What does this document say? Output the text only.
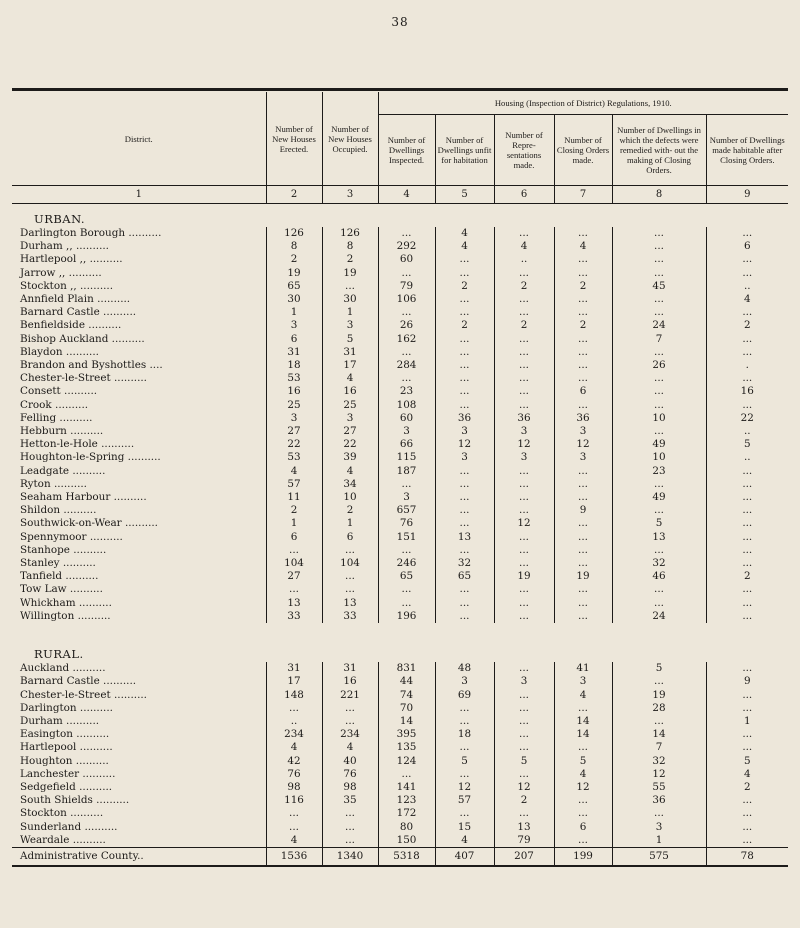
38
District.	Number of New Houses Erected.	Number of New Houses Occupied.	Housing (Inspection of District) Regulations, 1910.					
			Number of Dwellings Inspected.	Number of Dwellings unfit for habitation	Number of Repre- sentations made.	Number of Closing Orders made.	Number of Dwellings in which the defects were remedied with- out the making of Closing Orders.	Number of Dwellings made habitable after Closing Orders.
1	2	3	4	5	6	7	8	9
URBAN.								
Darlington Borough ..........	126	126	...	4	...	...	...	...
Durham ,, ..........	8	8	292	4	4	4	...	6
Hartlepool ,, ..........	2	2	60	...	..	...	...	...
Jarrow ,, ..........	19	19	...	...	...	...	...	...
Stockton ,, ..........	65	...	79	2	2	2	45	..
Annfield Plain ..........	30	30	106	...	...	...	...	4
Barnard Castle ..........	1	1	...	...	...	...	...	...
Benfieldside ..........	3	3	26	2	2	2	24	2
Bishop Auckland ..........	6	5	162	...	...	...	7	...
Blaydon ..........	31	31	...	...	...	...	...	...
Brandon and Byshottles ....	18	17	284	...	...	...	26	.
Chester-le-Street ..........	53	4	...	...	...	...	...	...
Consett ..........	16	16	23	...	...	6	...	16
Crook ..........	25	25	108	...	...	...	...	...
Felling ..........	3	3	60	36	36	36	10	22
Hebburn ..........	27	27	3	3	3	3	...	..
Hetton-le-Hole ..........	22	22	66	12	12	12	49	5
Houghton-le-Spring ..........	53	39	115	3	3	3	10	..
Leadgate ..........	4	4	187	...	...	...	23	...
Ryton ..........	57	34	...	...	...	...	...	...
Seaham Harbour ..........	11	10	3	...	...	...	49	...
Shildon ..........	2	2	657	...	...	9	...	...
Southwick-on-Wear ..........	1	1	76	...	12	...	5	...
Spennymoor ..........	6	6	151	13	...	...	13	...
Stanhope ..........	...	...	...	...	...	...	...	...
Stanley ..........	104	104	246	32	...	...	32	...
Tanfield ..........	27	...	65	65	19	19	46	2
Tow Law ..........	...	...	...	...	...	...	...	...
Whickham ..........	13	13	...	...	...	...	...	...
Willington ..........	33	33	196	...	...	...	24	...

RURAL.								
Auckland ..........	31	31	831	48	...	41	5	...
Barnard Castle ..........	17	16	44	3	3	3	...	9
Chester-le-Street ..........	148	221	74	69	...	4	19	...
Darlington ..........	...	...	70	...	...	...	28	...
Durham ..........	..	...	14	...	...	14	...	1
Easington ..........	234	234	395	18	...	14	14	...
Hartlepool ..........	4	4	135	...	...	...	7	...
Houghton ..........	42	40	124	5	5	5	32	5
Lanchester ..........	76	76	...	...	...	4	12	4
Sedgefield ..........	98	98	141	12	12	12	55	2
South Shields ..........	116	35	123	57	2	...	36	...
Stockton ..........	...	...	172	...	...	...	...	...
Sunderland ..........	...	...	80	15	13	6	3	...
Weardale ..........	4	...	150	4	79	...	1	...
Administrative County..	1536	1340	5318	407	207	199	575	78
